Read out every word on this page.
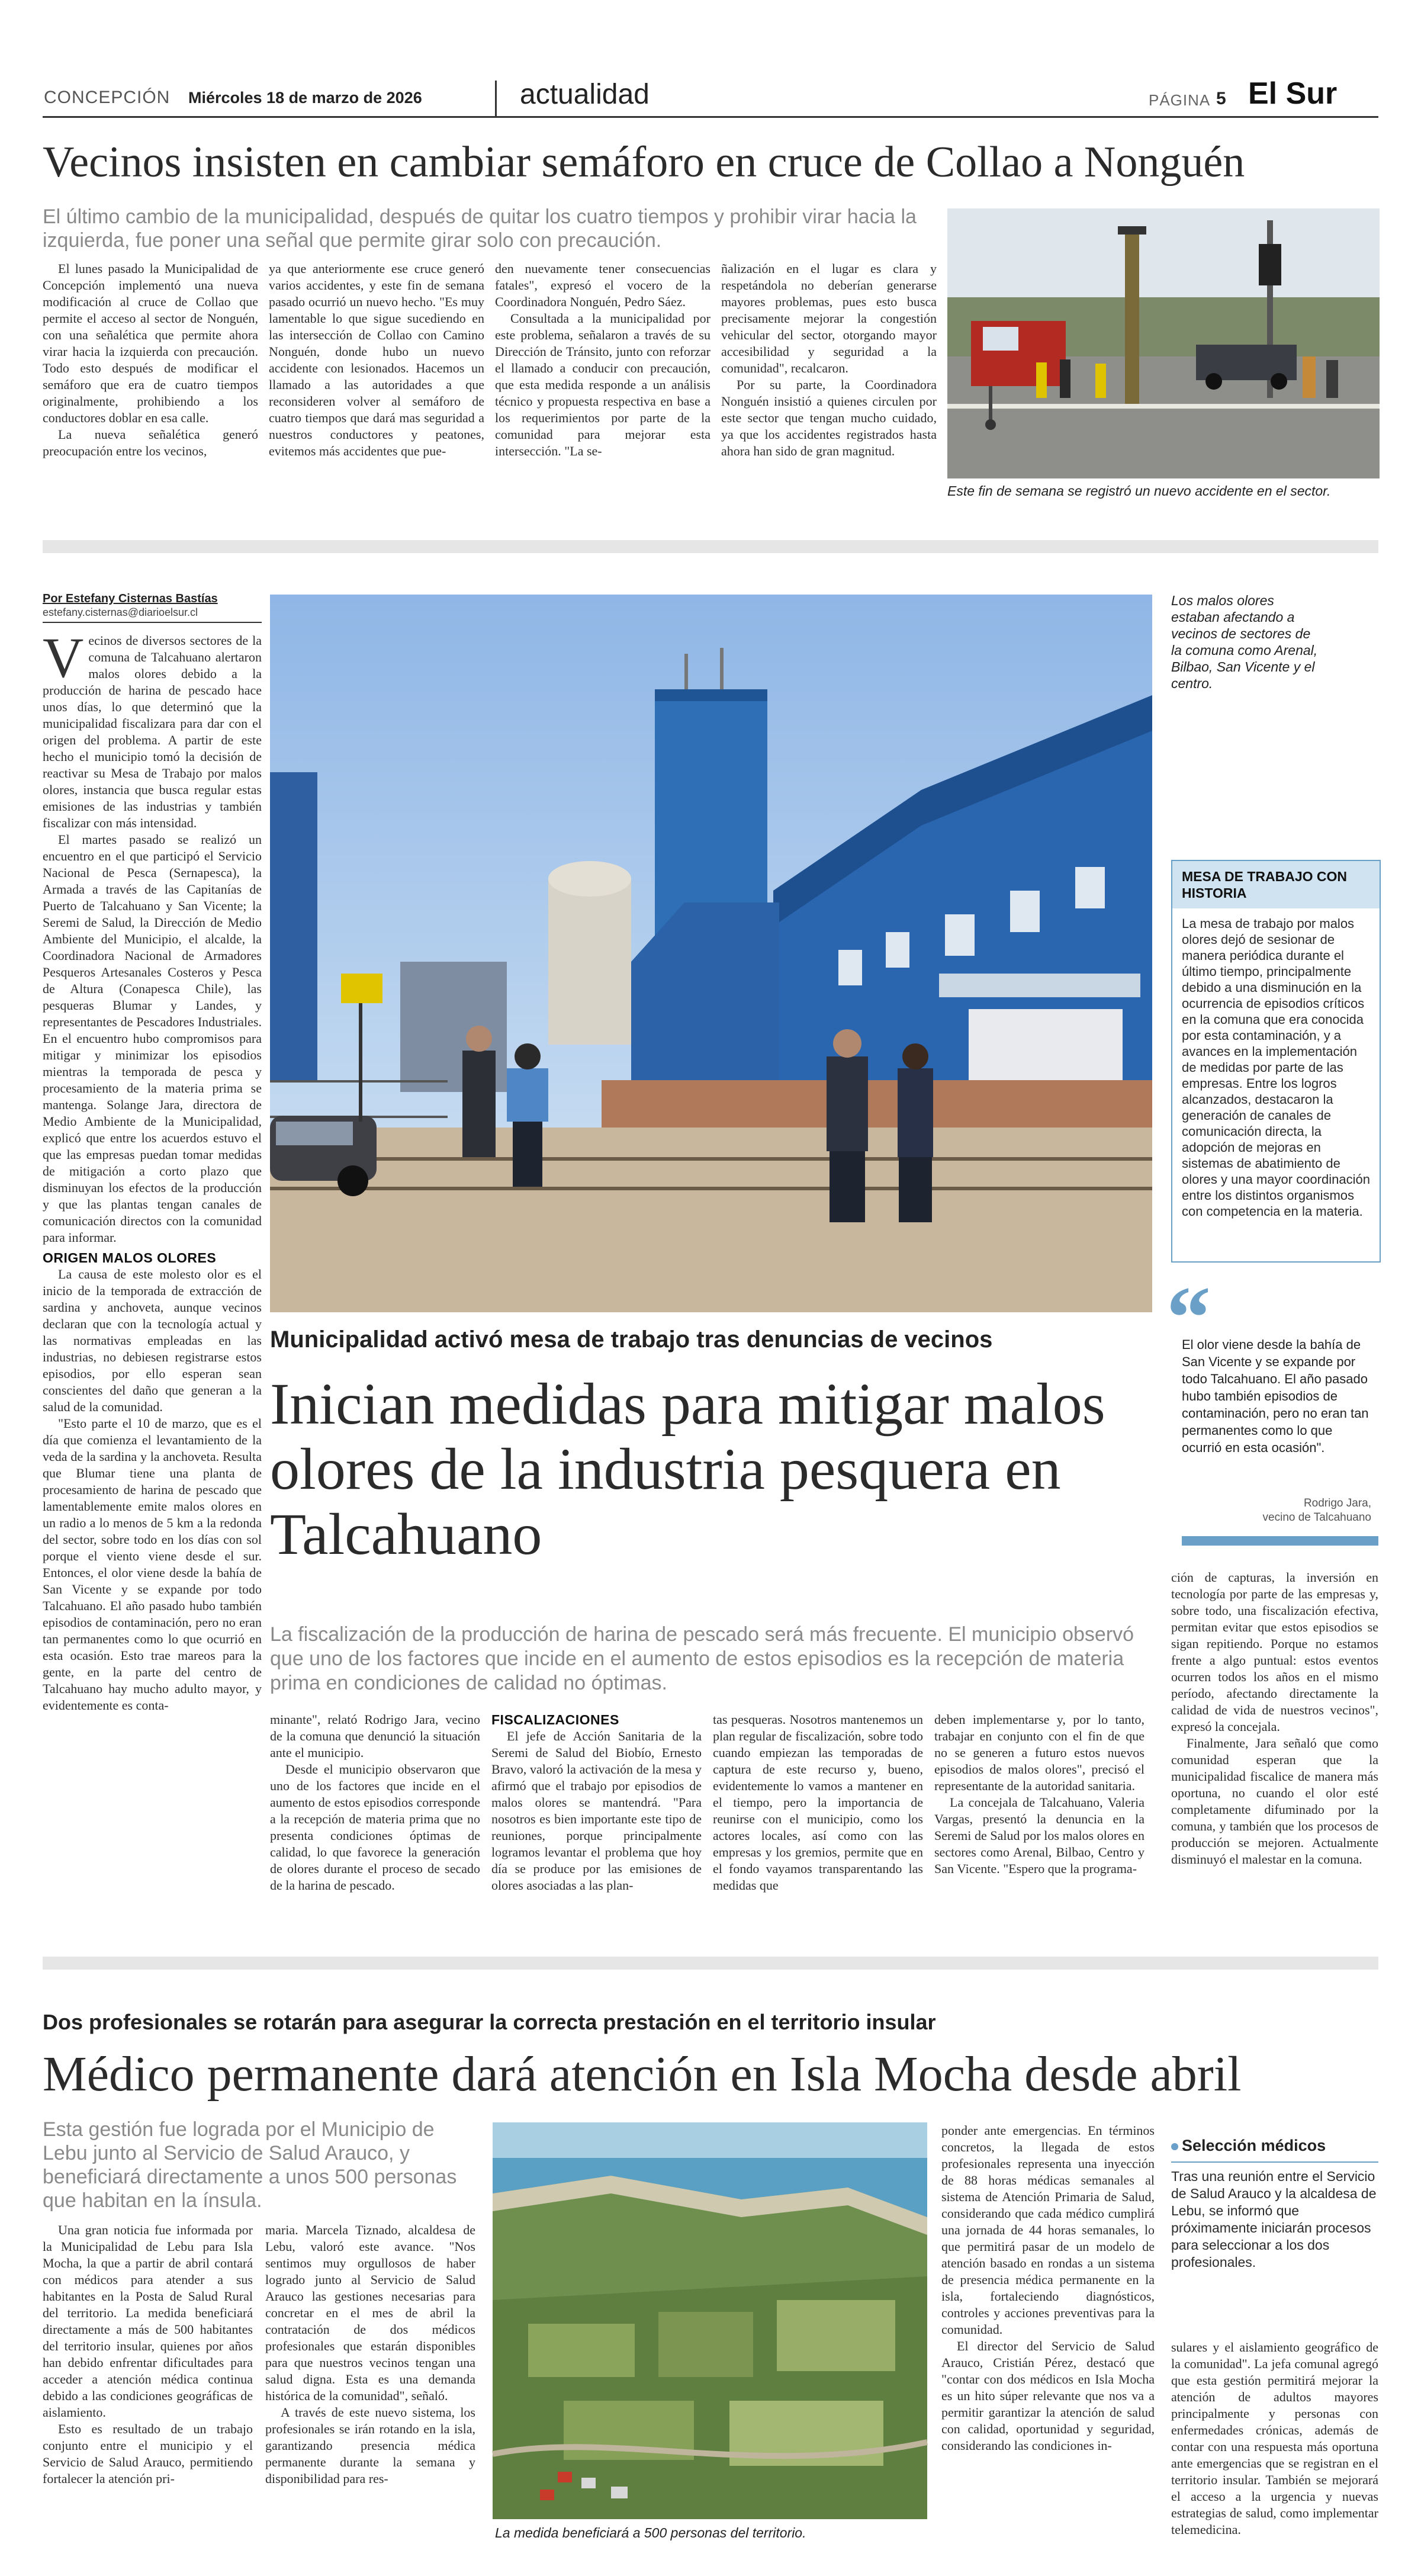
CONCEPCIÓN Miércoles 18 de marzo de 2026	actualidad	PÁGINA 5 El Sur
Vecinos insisten en cambiar semáforo en cruce de Collao a Nonguén
El último cambio de la municipalidad, después de quitar los cuatro tiempos y prohibir virar hacia la izquierda, fue poner una señal que permite girar solo con precaución.

El lunes pasado la Municipalidad de Concepción implementó una nueva modificación al cruce de Collao que permite el acceso al sector de Nonguén, con una señalética que permite ahora virar hacia la izquierda con precaución. Todo esto después de modificar el semáforo que era de cuatro tiempos originalmente, prohibiendo a los conductores doblar en esa calle.

La nueva señalética generó preocupación entre los vecinos,

ya que anteriormente ese cruce generó varios accidentes, y este fin de semana pasado ocurrió un nuevo hecho. "Es muy lamentable lo que sigue sucediendo en las intersección de Collao con Camino Nonguén, donde hubo un nuevo accidente con lesionados. Hacemos un llamado a las autoridades a que reconsideren volver al semáforo de cuatro tiempos que dará mas seguridad a nuestros conductores y peatones, evitemos más accidentes que pue-

den nuevamente tener consecuencias fatales", expresó el vocero de la Coordinadora Nonguén, Pedro Sáez.

Consultada a la municipalidad por este problema, señalaron a través de su Dirección de Tránsito, junto con reforzar el llamado a conducir con precaución, que esta medida responde a un análisis técnico y propuesta respectiva en base a los requerimientos por parte de la comunidad para mejorar esta intersección. "La se-

ñalización en el lugar es clara y respetándola no deberían generarse mayores problemas, pues esto busca precisamente mejorar la congestión vehicular del sector, otorgando mayor accesibilidad y seguridad a la comunidad", recalcaron.

Por su parte, la Coordinadora Nonguén insistió a quienes circulen por este sector que tengan mucho cuidado, ya que los accidentes registrados hasta ahora han sido de gran magnitud.

Este fin de semana se registró un nuevo accidente en el sector.
Por Estefany Cisternas Bastías
estefany.cisternas@diarioelsur.cl

Vecinos de diversos sectores de la comuna de Talcahuano alertaron malos olores debido a la producción de harina de pescado hace unos días, lo que determinó que la municipalidad fiscalizara para dar con el origen del problema. A partir de este hecho el municipio tomó la decisión de reactivar su Mesa de Trabajo por malos olores, instancia que busca regular estas emisiones de las industrias y también fiscalizar con más intensidad.

El martes pasado se realizó un encuentro en el que participó el Servicio Nacional de Pesca (Sernapesca), la Armada a través de las Capitanías de Puerto de Talcahuano y San Vicente; la Seremi de Salud, la Dirección de Medio Ambiente del Municipio, el alcalde, la Coordinadora Nacional de Armadores Pesqueros Artesanales Costeros y Pesca de Altura (Conapesca Chile), las pesqueras Blumar y Landes, y representantes de Pescadores Industriales. En el encuentro hubo compromisos para mitigar y minimizar los episodios mientras la temporada de pesca y procesamiento de la materia prima se mantenga. Solange Jara, directora de Medio Ambiente de la Municipalidad, explicó que entre los acuerdos estuvo el que las empresas puedan tomar medidas de mitigación a corto plazo que disminuyan los efectos de la producción y que las plantas tengan canales de comunicación directos con la comunidad para informar.

ORIGEN MALOS OLORES

La causa de este molesto olor es el inicio de la temporada de extracción de sardina y anchoveta, aunque vecinos declaran que con la tecnología actual y las normativas empleadas en las industrias, no debiesen registrarse estos episodios, por ello esperan sean conscientes del daño que generan a la salud de la comunidad.

"Esto parte el 10 de marzo, que es el día que comienza el levantamiento de la veda de la sardina y la anchoveta. Resulta que Blumar tiene una planta de procesamiento de harina de pescado que lamentablemente emite malos olores en un radio a lo menos de 5 km a la redonda del sector, sobre todo en los días con sol porque el viento viene desde el sur. Entonces, el olor viene desde la bahía de San Vicente y se expande por todo Talcahuano. El año pasado hubo también episodios de contaminación, pero no eran tan permanentes como lo que ocurrió en esta ocasión. Esto trae mareos para la gente, en la parte del centro de Talcahuano hay mucho adulto mayor, y evidentemente es conta-

Los malos olores estaban afectando a vecinos de sectores de la comuna como Arenal, Bilbao, San Vicente y el centro.
MESA DE TRABAJO CON HISTORIA
La mesa de trabajo por malos olores dejó de sesionar de manera periódica durante el último tiempo, principalmente debido a una disminución en la ocurrencia de episodios críticos en la comuna que era conocida por esta contaminación, y a avances en la implementación de medidas por parte de las empresas. Entre los logros alcanzados, destacaron la generación de canales de comunicación directa, la adopción de mejoras en sistemas de abatimiento de olores y una mayor coordinación entre los distintos organismos con competencia en la materia.
“
El olor viene desde la bahía de San Vicente y se expande por todo Talcahuano. El año pasado hubo también episodios de contaminación, pero no eran tan permanentes como lo que ocurrió en esta ocasión".
Rodrigo Jara,
vecino de Talcahuano
Municipalidad activó mesa de trabajo tras denuncias de vecinos
Inician medidas para mitigar malos olores de la industria pesquera en Talcahuano
La fiscalización de la producción de harina de pescado será más frecuente. El municipio observó que uno de los factores que incide en el aumento de estos episodios es la recepción de materia prima en condiciones de calidad no óptimas.

ción de capturas, la inversión en tecnología por parte de las empresas y, sobre todo, una fiscalización efectiva, permitan evitar que estos episodios se sigan repitiendo. Porque no estamos frente a algo puntual: estos eventos ocurren todos los años en el mismo período, afectando directamente la calidad de vida de nuestros vecinos", expresó la concejala.

Finalmente, Jara señaló que como comunidad esperan que la municipalidad fiscalice de manera más oportuna, no cuando el olor esté completamente difuminado por la comuna, y también que los procesos de producción se mejoren. Actualmente disminuyó el malestar en la comuna.

minante", relató Rodrigo Jara, vecino de la comuna que denunció la situación ante el municipio.

Desde el municipio observaron que uno de los factores que incide en el aumento de estos episodios corresponde a la recepción de materia prima que no presenta condiciones óptimas de calidad, lo que favorece la generación de olores durante el proceso de secado de la harina de pescado.

FISCALIZACIONES

El jefe de Acción Sanitaria de la Seremi de Salud del Biobío, Ernesto Bravo, valoró la activación de la mesa y afirmó que el trabajo por episodios de malos olores se mantendrá. "Para nosotros es bien importante este tipo de reuniones, porque principalmente logramos levantar el problema que hoy día se produce por las emisiones de olores asociadas a las plan-

tas pesqueras. Nosotros mantenemos un plan regular de fiscalización, sobre todo cuando empiezan las temporadas de captura de este recurso y, bueno, evidentemente lo vamos a mantener en el tiempo, pero la importancia de reunirse con el municipio, como los actores locales, así como con las empresas y los gremios, permite que en el fondo vayamos transparentando las medidas que

deben implementarse y, por lo tanto, trabajar en conjunto con el fin de que no se generen a futuro estos nuevos episodios de malos olores", precisó el representante de la autoridad sanitaria.

La concejala de Talcahuano, Valeria Vargas, presentó la denuncia en la Seremi de Salud por los malos olores en sectores como Arenal, Bilbao, Centro y San Vicente. "Espero que la programa-

Dos profesionales se rotarán para asegurar la correcta prestación en el territorio insular
Médico permanente dará atención en Isla Mocha desde abril
Esta gestión fue lograda por el Municipio de Lebu junto al Servicio de Salud Arauco, y beneficiará directamente a unos 500 personas que habitan en la ínsula.

Una gran noticia fue informada por la Municipalidad de Lebu para Isla Mocha, la que a partir de abril contará con médicos para atender a sus habitantes en la Posta de Salud Rural del territorio. La medida beneficiará directamente a más de 500 habitantes del territorio insular, quienes por años han debido enfrentar dificultades para acceder a atención médica continua debido a las condiciones geográficas de aislamiento.

Esto es resultado de un trabajo conjunto entre el municipio y el Servicio de Salud Arauco, permitiendo fortalecer la atención pri-

maria. Marcela Tiznado, alcaldesa de Lebu, valoró este avance. "Nos sentimos muy orgullosos de haber logrado junto al Servicio de Salud Arauco las gestiones necesarias para concretar en el mes de abril la contratación de dos médicos profesionales que estarán disponibles para que nuestros vecinos tengan una salud digna. Esta es una demanda histórica de la comunidad", señaló.

A través de este nuevo sistema, los profesionales se irán rotando en la isla, garantizando presencia médica permanente durante la semana y disponibilidad para res-

La medida beneficiará a 500 personas del territorio.

ponder ante emergencias. En términos concretos, la llegada de estos profesionales representa una inyección de 88 horas médicas semanales al sistema de Atención Primaria de Salud, considerando que cada médico cumplirá una jornada de 44 horas semanales, lo que permitirá pasar de un modelo de atención basado en rondas a un sistema de presencia médica permanente en la isla, fortaleciendo diagnósticos, controles y acciones preventivas para la comunidad.

El director del Servicio de Salud Arauco, Cristián Pérez, destacó que "contar con dos médicos en Isla Mocha es un hito súper relevante que nos va a permitir garantizar la atención de salud con calidad, oportunidad y seguridad, considerando las condiciones in-

Selección médicos
Tras una reunión entre el Servicio de Salud Arauco y la alcaldesa de Lebu, se informó que próximamente iniciarán procesos para seleccionar a los dos profesionales.

sulares y el aislamiento geográfico de la comunidad". La jefa comunal agregó que esta gestión permitirá mejorar la atención de adultos mayores principalmente y personas con enfermedades crónicas, además de contar con una respuesta más oportuna ante emergencias que se registran en el territorio insular. También se mejorará el acceso a la urgencia y nuevas estrategias de salud, como implementar telemedicina.
